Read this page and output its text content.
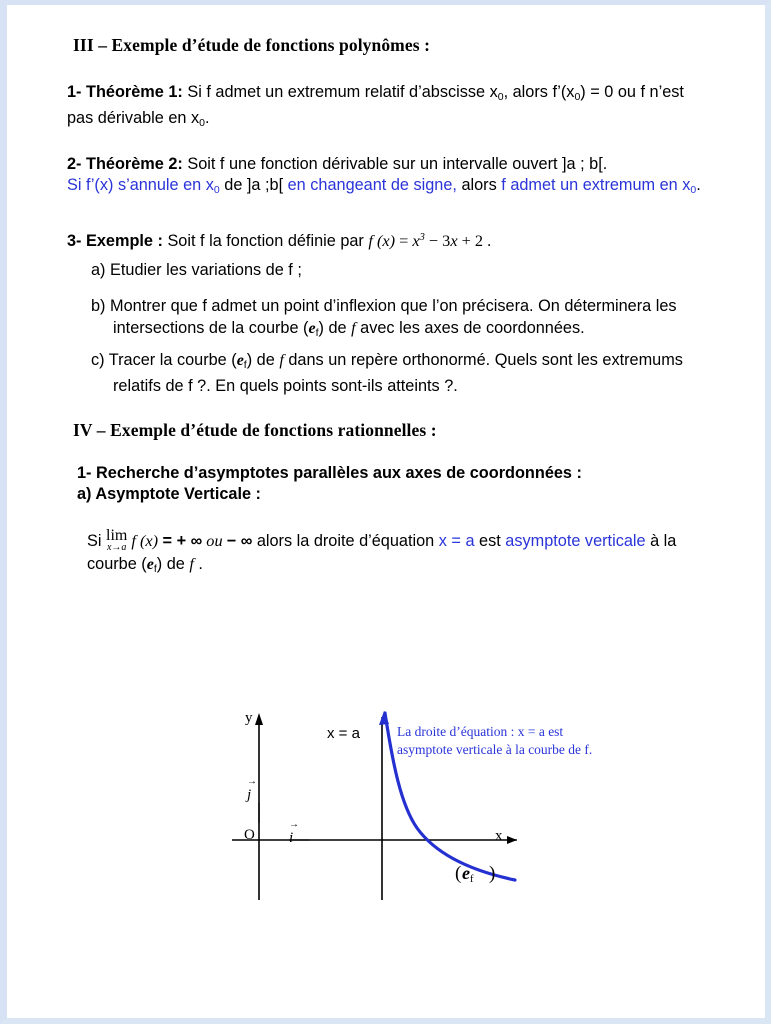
III – Exemple d’étude de fonctions polynômes :

1- Théorème 1: Si f admet un extremum relatif d’abscisse $x_0$, alors $f’(x_0) = 0$ ou f n’est pas dérivable en $x_0$.

2- Théorème 2: Soit f une fonction dérivable sur un intervalle ouvert ]a ; b[.

Si f’(x) s’annule en $x_0$ de ]a ;b[ en changeant de signe, alors f admet un extremum en $x_0$.

3- Exemple : Soit f la fonction définie par f $(x) = x^3 - 3x + 2$ .

a) Etudier les variations de f ;

b) Montrer que f admet un point d’inflexion que l’on précisera. On déterminera les intersections de la courbe $(e_f)$ de f avec les axes de coordonnées.

c) Tracer la courbe $(e_f)$ de f dans un repère orthonormé. Quels sont les extremums relatifs de f ?. En quels points sont-ils atteints ?.

IV – Exemple d’étude de fonctions rationnelles :

1- Recherche d’asymptotes parallèles aux axes de coordonnées :

a) Asymptote Verticale :

Si lim
x→a f (x) = + ∞ ou − ∞ alors la droite d’équation x = a est asymptote verticale à la courbe $(e_f)$ de f .

y
x
O i →
j →
x = a
$e_f$
( )
La droite d’équation : x = a est
asymptote verticale à la courbe de f.
